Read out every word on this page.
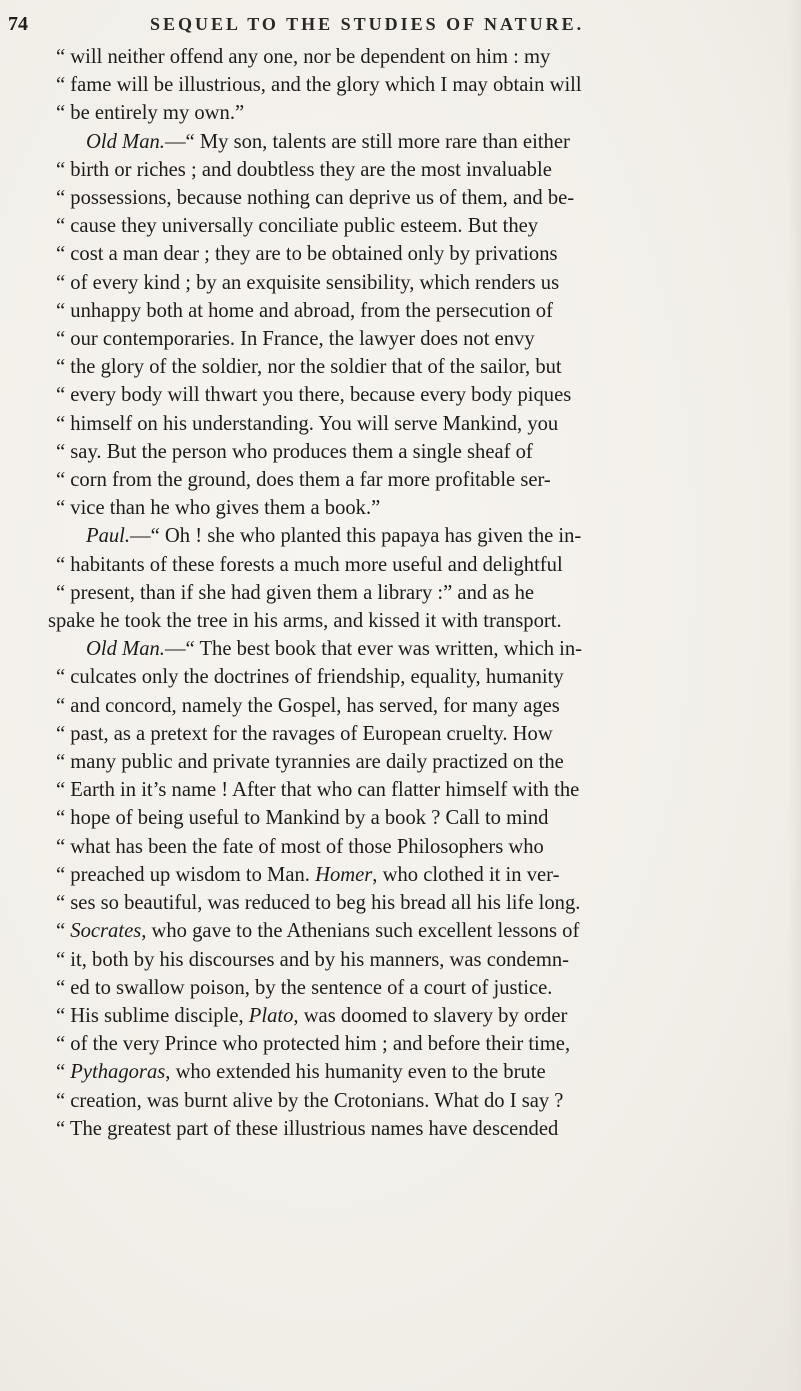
74	SEQUEL TO THE STUDIES OF NATURE.
“ will neither offend any one, nor be dependent on him : my
“ fame will be illustrious, and the glory which I may obtain will
“ be entirely my own.”
Old Man.—“ My son, talents are still more rare than either
“ birth or riches ; and doubtless they are the most invaluable
“ possessions, because nothing can deprive us of them, and be-
“ cause they universally conciliate public esteem. But they
“ cost a man dear ; they are to be obtained only by privations
“ of every kind ; by an exquisite sensibility, which renders us
“ unhappy both at home and abroad, from the persecution of
“ our contemporaries. In France, the lawyer does not envy
“ the glory of the soldier, nor the soldier that of the sailor, but
“ every body will thwart you there, because every body piques
“ himself on his understanding. You will serve Mankind, you
“ say. But the person who produces them a single sheaf of
“ corn from the ground, does them a far more profitable ser-
“ vice than he who gives them a book.”
Paul.—“ Oh ! she who planted this papaya has given the in-
“ habitants of these forests a much more useful and delightful
“ present, than if she had given them a library :” and as he
spake he took the tree in his arms, and kissed it with transport.
Old Man.—“ The best book that ever was written, which in-
“ culcates only the doctrines of friendship, equality, humanity
“ and concord, namely the Gospel, has served, for many ages
“ past, as a pretext for the ravages of European cruelty. How
“ many public and private tyrannies are daily practized on the
“ Earth in it’s name ! After that who can flatter himself with the
“ hope of being useful to Mankind by a book ? Call to mind
“ what has been the fate of most of those Philosophers who
“ preached up wisdom to Man. Homer, who clothed it in ver-
“ ses so beautiful, was reduced to beg his bread all his life long.
“ Socrates, who gave to the Athenians such excellent lessons of
“ it, both by his discourses and by his manners, was condemn-
“ ed to swallow poison, by the sentence of a court of justice.
“ His sublime disciple, Plato, was doomed to slavery by order
“ of the very Prince who protected him ; and before their time,
“ Pythagoras, who extended his humanity even to the brute
“ creation, was burnt alive by the Crotonians. What do I say ?
“ The greatest part of these illustrious names have descended
